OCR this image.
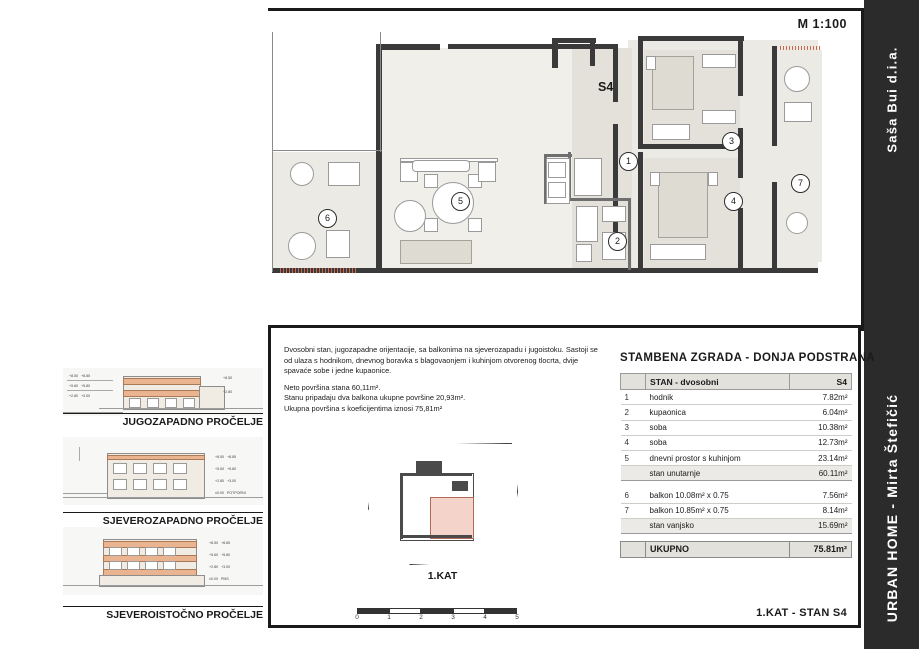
Saša Bui d.i.a.
URBAN HOME - Mirta Štefičić
M 1:100
1
2
3
4
5
6
7
S4

Dvosobni stan, jugozapadne orijentacije, sa balkonima na sjeverozapadu i jugoistoku. Sastoji se od ulaza s hodnikom, dnevnog boravka s blagovaonjem i kuhinjom otvorenog tlocrta, dvije spavaće sobe i jedne kupaonice.

Neto površina stana 60,11m².

Stanu pripadaju dva balkona ukupne površine 20,93m².

Ukupna površina s koeficijentima iznosi 75,81m²

1.KAT
0	1	2	3	4	5
STAMBENA ZGRADA - DONJA PODSTRANA
	STAN - dvosobni	S4
1	hodnik	7.82m²
2	kupaonica	6.04m²
3	soba	10.38m²
4	soba	12.73m²
5	dnevni prostor s kuhinjom	23.14m²
	stan unutarnje	60.11m²

6	balkon 10.08m² x 0.75	7.56m²
7	balkon 10.85m² x 0.75	8.14m²
	stan vanjsko	15.69m²

	UKUPNO	75.81m²
1.KAT - STAN S4
+8.50   +8.85
+5.60   +5.80
+2.80   +3.00
+8.50
+2.80
JUGOZAPADNO PROČELJE
+8.50   +8.85
+5.60   +5.80
+2.80   +3.00
±0.00   POTPORNI
SJEVEROZAPADNO PROČELJE
+8.50   +8.85
+5.60   +5.80
+2.80   +3.00
±0.00   PMS
SJEVEROISTOČNO PROČELJE
